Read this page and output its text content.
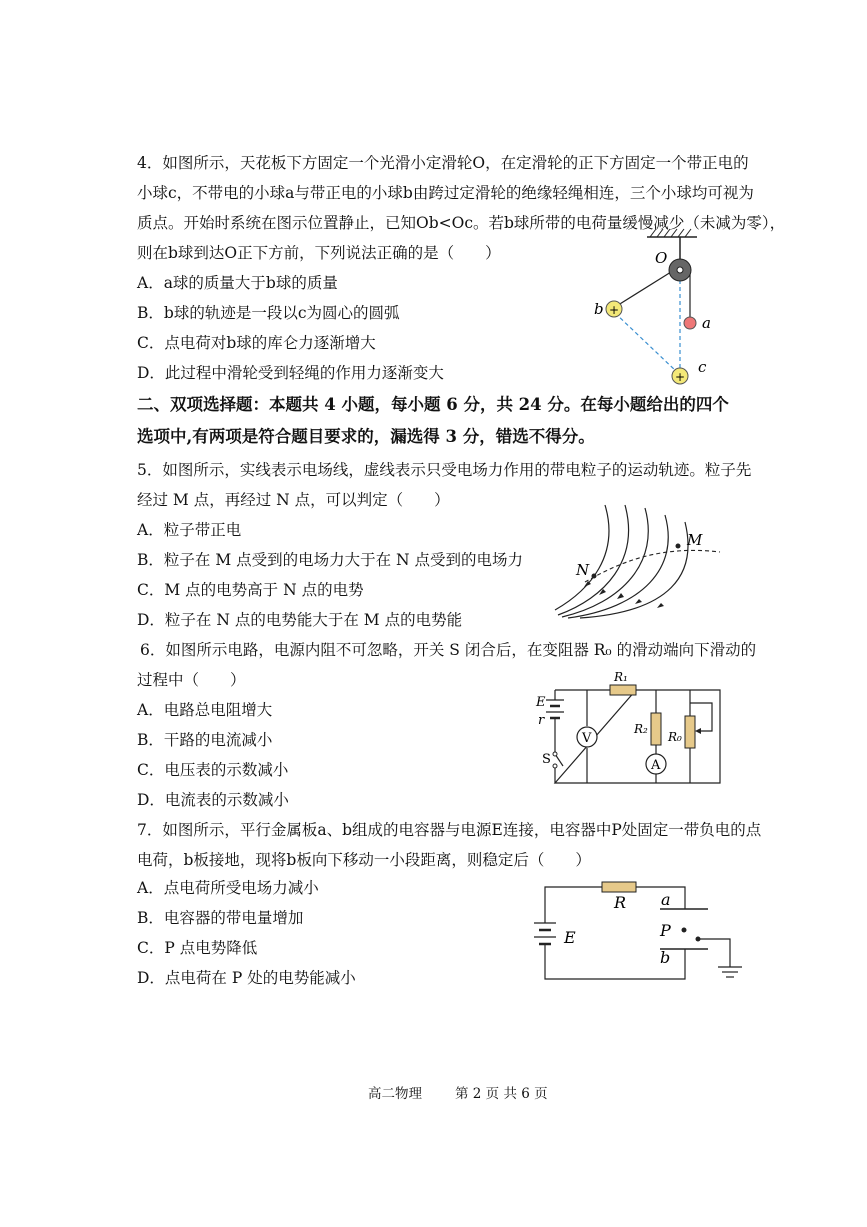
4．如图所示，天花板下方固定一个光滑小定滑轮O，在定滑轮的正下方固定一个带正电的
小球c，不带电的小球a与带正电的小球b由跨过定滑轮的绝缘轻绳相连，三个小球均可视为
质点。开始时系统在图示位置静止，已知Ob<Oc。若b球所带的电荷量缓慢减少（未减为零），
则在b球到达O正下方前，下列说法正确的是（　　）
A．a球的质量大于b球的质量
B．b球的轨迹是一段以c为圆心的圆弧
C．点电荷对b球的库仑力逐渐增大
D．此过程中滑轮受到轻绳的作用力逐渐变大
O
+
b
a
+
c
二、双项选择题：本题共 4 小题，每小题 6 分，共 24 分。在每小题给出的四个
选项中,有两项是符合题目要求的，漏选得 3 分，错选不得分。
5．如图所示，实线表示电场线，虚线表示只受电场力作用的带电粒子的运动轨迹。粒子先
经过 M 点，再经过 N 点，可以判定（　　）
A．粒子带正电
B．粒子在 M 点受到的电场力大于在 N 点受到的电场力
C．M 点的电势高于 N 点的电势
D．粒子在 N 点的电势能大于在 M 点的电势能
N
M
6．如图所示电路，电源内阻不可忽略，开关 S 闭合后，在变阻器 R₀ 的滑动端向下滑动的
过程中（　　）
A．电路总电阻增大
B．干路的电流减小
C．电压表的示数减小
D．电流表的示数减小
V
A
E
r
S
R₁
R₂
R₀
7．如图所示，平行金属板a、b组成的电容器与电源E连接，电容器中P处固定一带负电的点
电荷，b板接地，现将b板向下移动一小段距离，则稳定后（　　）
A．点电荷所受电场力减小
B．电容器的带电量增加
C．P 点电势降低
D．点电荷在 P 处的电势能减小
R
E
a
P
b
高二物理 第 2 页 共 6 页
